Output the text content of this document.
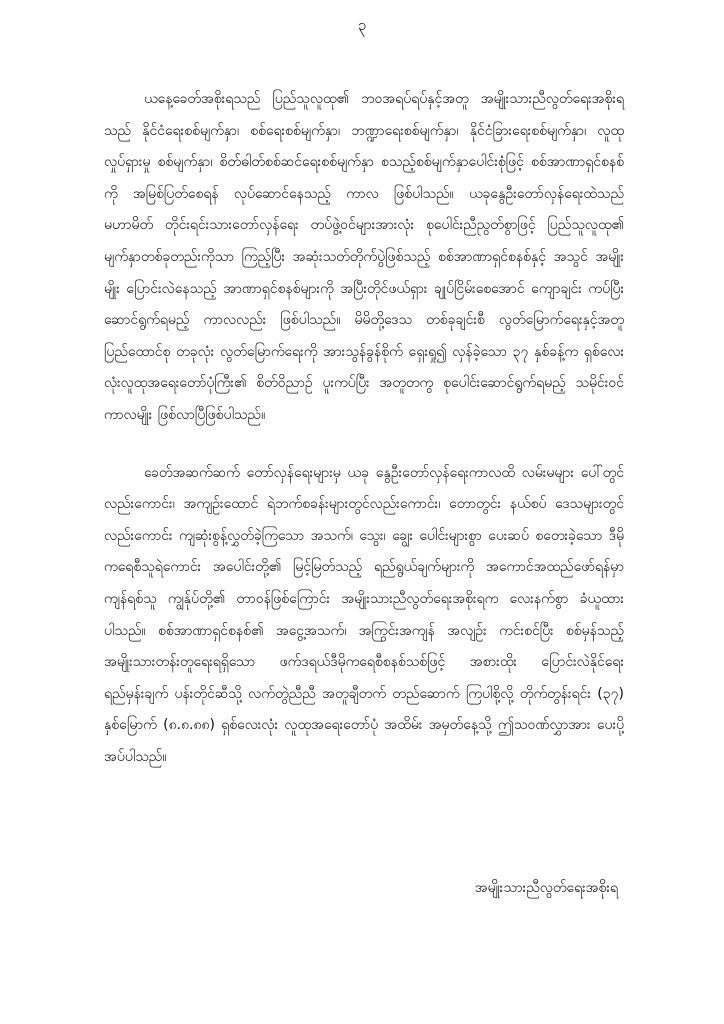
၃

ယနေ့ခေတ်အစိုးရသည် ပြည်သူလူထု၏ ဘဝအရပ်ရပ်နှင့်အတူ အမျိုးသားညီလွတ်ရေးအစိုးရသည် နိုင်ငံရေးစစ်မျက်နှာ၊ စစ်ရေးစစ်မျက်နှာ၊ ဘဏ္ဍာရေးစစ်မျက်နှာ၊ နိုင်ငံခြားရေးစစ်မျက်နှာ၊ လူထုလှုပ်ရှားမှု စစ်မျက်နှာ၊ စိတ်ဓါတ်စစ်ဆင်ရေးစစ်မျက်နှာ စသည့်စစ်မျက်နှာပေါင်းစုံဖြင့် စစ်အာဏာရှင်စနစ်ကို အမြစ်ပြတ်စေရန် လုပ်ဆောင်နေသည့် ကာလ ဖြစ်ပါသည်။ ယခုနွေဦးတော်လှန်ရေးထဲသည် မဟာမိတ် တိုင်းရင်းသားတော်လှန်ရေး တပ်ဖွဲ့ဝင်များအားလုံး စုပေါင်းညီညွတ်စွာဖြင့် ပြည်သူလူထု၏ မျက်နှာတစ်ခုတည်းကိုသာ ကြည့်ပြီး အဆုံးသတ်တိုက်ပွဲဖြစ်သည့် စစ်အာဏာရှင်စနစ်နှင့် အသွင် အမျိုးမျိုး ပြောင်းလဲနေသည့် အာဏာရှင်စနစ်များကို အပြီးတိုင်ဖယ်ရှား ချုပ်ငြိမ်းစေအောင် ကျောချင်း ကပ်ပြီး ဆောင်ရွက်ရမည့် ကာလလည်း ဖြစ်ပါသည်။ မိမိတို့ဒေသ တစ်ခုချင်းစီ လွတ်မြောက်ရေးနှင့်အတူ ပြည်ထောင်စု တခုလုံး လွတ်မြောက်ရေးကို အားသွန်ခွန်စိုက် ရှေးရှု၍ လှန်ခဲ့သော ၃၇ နှစ်ခန့်က ရှစ်လေးလုံးလူထုအရေးတော်ပုံကြီး၏ စိတ်ဝိညာဉ် ပူးကပ်ပြီး အတူတကွ စုပေါင်းဆောင်ရွက်ရမည့် သမိုင်းဝင်ကာလမျိုး ဖြစ်လာပြီဖြစ်ပါသည်။

ခေတ်အဆက်ဆက် တော်လှန်ရေးများမှ ယခု နွေဦးတော်လှန်ရေးကာလထိ လမ်းမများ ပေါ်တွင်လည်းကောင်း၊ အကျဉ်းထောင် ရဲဘက်စခန်းများတွင်လည်းကောင်း၊ တောတွင်း နယ်စပ် ဒေသများတွင်လည်းကောင်း ကျဆုံးစွန့်လွှတ်ခဲ့ကြသော အသက်၊ သွေး၊ ချွေး ပေါင်းများစွာ ပေးဆပ် စတေးခဲ့သော ဒီမိုကရေစီသူရဲကောင်း အပေါင်းတို့၏ မြင့်မြတ်သည့် ရည်ရွယ်ချက်များကို အကောင်အထည်ဖော်ရန်မှာ ကျန်ရစ်သူ ကျွန်ုပ်တို့၏ တာဝန်ဖြစ်ကြောင်း အမျိုးသားညီလွတ်ရေးအစိုးရက လေးနက်စွာ ခံယူထားပါသည်။ စစ်အာဏာရှင်စနစ်၏ အငွေ့အသက်၊ အကြွင်းအကျန် အလျဉ်း ကင်းစင်ပြီး စစ်မှန်သည့် အမျိုးသားတန်းတူရေးရရှိသော ဖက်ဒရယ်ဒီမိုကရေစီစနစ်သစ်ဖြင့် အစားထိုး ပြောင်းလဲနိုင်ရေး ရည်မှန်းချက် ပန်းတိုင်ဆီသို့ လက်တွဲညီညီ အတူချီတက် တည်ဆောက် ကြပါစို့လို့ တိုက်တွန်းရင်း (၃၇) နှစ်မြောက် (၈.၈.၈၈) ရှစ်လေးလုံး လူထုအရေးတော်ပုံ အထိမ်း အမှတ်နေ့သို့ ဤသဝဏ်လွှာအား ပေးပို့အပ်ပါသည်။

အမျိုးသားညီလွတ်ရေးအစိုးရ
